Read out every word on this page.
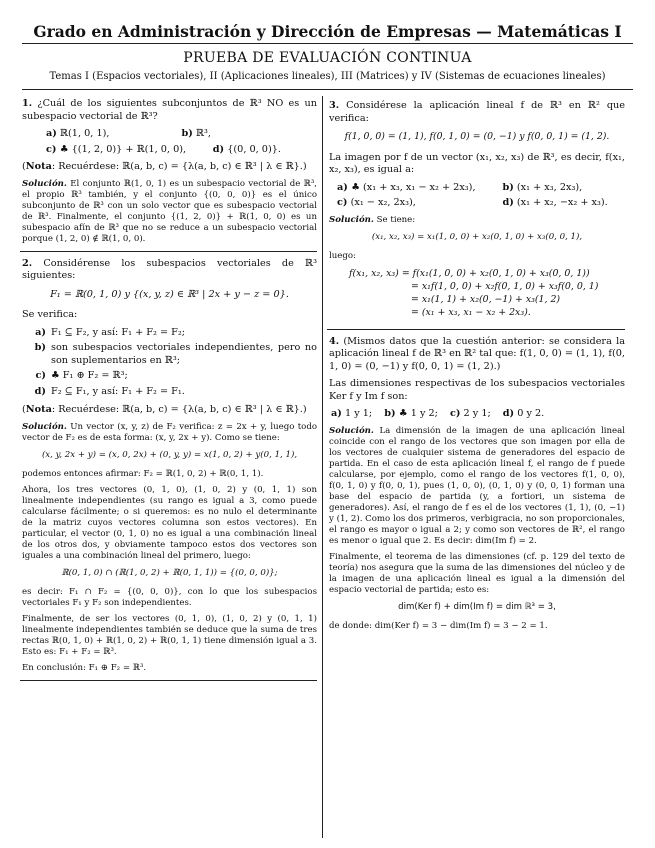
Grado en Administración y Dirección de Empresas — Matemáticas I
PRUEBA DE EVALUACIÓN CONTINUA
Temas I (Espacios vectoriales), II (Aplicaciones lineales), III (Matrices) y IV (Sistemas de ecuaciones lineales)

1. ¿Cuál de los siguientes subconjuntos de ℝ³ NO es un subespacio vectorial de ℝ³?

a) ℝ(1, 0, 1),	b) ℝ³,
c) ♣ {(1, 2, 0)} + ℝ(1, 0, 0),	d) {(0, 0, 0)}.

(Nota: Recuérdese: ℝ(a, b, c) = {λ(a, b, c) ∈ ℝ³ | λ ∈ ℝ}.)

Solución. El conjunto ℝ(1, 0, 1) es un subespacio vectorial de ℝ³, el propio ℝ³ también, y el conjunto {(0, 0, 0)} es el único subconjunto de ℝ³ con un solo vector que es subespacio vectorial de ℝ³. Finalmente, el conjunto {(1, 2, 0)} + ℝ(1, 0, 0) es un subespacio afín de ℝ³ que no se reduce a un subespacio vectorial porque (1, 2, 0) ∉ ℝ(1, 0, 0).

2. Considérense los subespacios vectoriales de ℝ³ siguientes:

F₁ = ℝ(0, 1, 0) y {(x, y, z) ∈ ℝ³ | 2x + y − z = 0}.

Se verifica:

a) F₁ ⊆ F₂, y así: F₁ + F₂ = F₂;
b) son subespacios vectoriales independientes, pero no son suplementarios en ℝ³;
c) ♣ F₁ ⊕ F₂ = ℝ³;
d) F₂ ⊆ F₁, y así: F₁ + F₂ = F₁.

(Nota: Recuérdese: ℝ(a, b, c) = {λ(a, b, c) ∈ ℝ³ | λ ∈ ℝ}.)

Solución. Un vector (x, y, z) de F₂ verifica: z = 2x + y, luego todo vector de F₂ es de esta forma: (x, y, 2x + y). Como se tiene:

(x, y, 2x + y) = (x, 0, 2x) + (0, y, y) = x(1, 0, 2) + y(0, 1, 1),

podemos entonces afirmar: F₂ = ℝ(1, 0, 2) + ℝ(0, 1, 1).

Ahora, los tres vectores (0, 1, 0), (1, 0, 2) y (0, 1, 1) son linealmente independientes (su rango es igual a 3, como puede calcularse fácilmente; o si queremos: es no nulo el determinante de la matriz cuyos vectores columna son estos vectores). En particular, el vector (0, 1, 0) no es igual a una combinación lineal de los otros dos, y obviamente tampoco estos dos vectores son iguales a una combinación lineal del primero, luego:

ℝ(0, 1, 0) ∩ (ℝ(1, 0, 2) + ℝ(0, 1, 1)) = {(0, 0, 0)};

es decir: F₁ ∩ F₂ = {(0, 0, 0)}, con lo que los subespacios vectoriales F₁ y F₂ son independientes.

Finalmente, de ser los vectores (0, 1, 0), (1, 0, 2) y (0, 1, 1) linealmente independientes también se deduce que la suma de tres rectas ℝ(0, 1, 0) + ℝ(1, 0, 2) + ℝ(0, 1, 1) tiene dimensión igual a 3. Esto es: F₁ + F₂ = ℝ³.

En conclusión: F₁ ⊕ F₂ = ℝ³.

3. Considérese la aplicación lineal f de ℝ³ en ℝ² que verifica:

f(1, 0, 0) = (1, 1), f(0, 1, 0) = (0, −1) y f(0, 0, 1) = (1, 2).

La imagen por f de un vector (x₁, x₂, x₃) de ℝ³, es decir, f(x₁, x₂, x₃), es igual a:

a) ♣ (x₁ + x₃, x₁ − x₂ + 2x₃),	b) (x₁ + x₃, 2x₃),
c) (x₁ − x₂, 2x₃),	d) (x₁ + x₂, −x₂ + x₃).

Solución. Se tiene:

(x₁, x₂, x₃) = x₁(1, 0, 0) + x₂(0, 1, 0) + x₃(0, 0, 1),

luego:

f(x₁, x₂, x₃) = f(x₁(1, 0, 0) + x₂(0, 1, 0) + x₃(0, 0, 1))
= x₁f(1, 0, 0) + x₂f(0, 1, 0) + x₃f(0, 0, 1)
= x₁(1, 1) + x₂(0, −1) + x₃(1, 2)
= (x₁ + x₃, x₁ − x₂ + 2x₃).

4. (Mismos datos que la cuestión anterior: se considera la aplicación lineal f de ℝ³ en ℝ² tal que: f(1, 0, 0) = (1, 1), f(0, 1, 0) = (0, −1) y f(0, 0, 1) = (1, 2).)

Las dimensiones respectivas de los subespacios vectoriales Ker f y Im f son:

a) 1 y 1; b) ♣ 1 y 2; c) 2 y 1; d) 0 y 2.

Solución. La dimensión de la imagen de una aplicación lineal coincide con el rango de los vectores que son imagen por ella de los vectores de cualquier sistema de generadores del espacio de partida. En el caso de esta aplicación lineal f, el rango de f puede calcularse, por ejemplo, como el rango de los vectores f(1, 0, 0), f(0, 1, 0) y f(0, 0, 1), pues (1, 0, 0), (0, 1, 0) y (0, 0, 1) forman una base del espacio de partida (y, a fortiori, un sistema de generadores). Así, el rango de f es el de los vectores (1, 1), (0, −1) y (1, 2). Como los dos primeros, verbigracia, no son proporcionales, el rango es mayor o igual a 2; y como son vectores de ℝ², el rango es menor o igual que 2. Es decir: dim(Im f) = 2.

Finalmente, el teorema de las dimensiones (cf. p. 129 del texto de teoría) nos asegura que la suma de las dimensiones del núcleo y de la imagen de una aplicación lineal es igual a la dimensión del espacio vectorial de partida; esto es:

dim(Ker f) + dim(Im f) = dim ℝ³ = 3,

de donde: dim(Ker f) = 3 − dim(Im f) = 3 − 2 = 1.
